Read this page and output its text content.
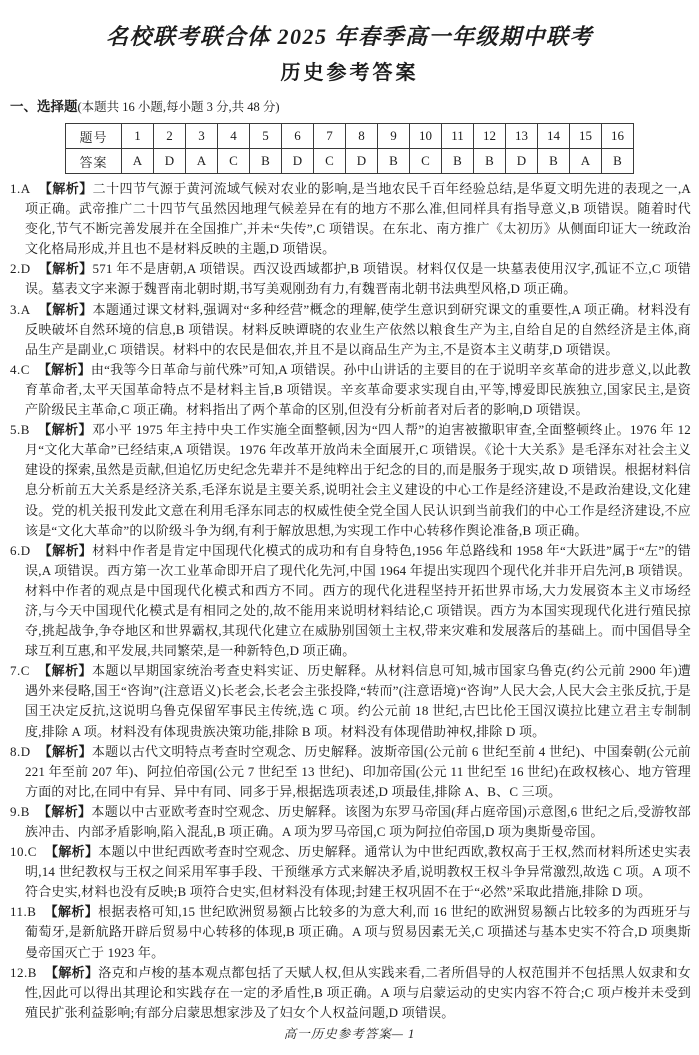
名校联考联合体 2025 年春季高一年级期中联考
历史参考答案
一、选择题(本题共 16 小题,每小题 3 分,共 48 分)
题号	1	2	3	4	5	6	7	8	9	10	11	12	13	14	15	16
答案	A	D	A	C	B	D	C	D	B	C	B	B	D	B	A	B
1.A 【解析】二十四节气源于黄河流域气候对农业的影响,是当地农民千百年经验总结,是华夏文明先进的表现之一,A 项正确。武帝推广二十四节气虽然因地理气候差异在有的地方不那么准,但同样具有指导意义,B 项错误。随着时代变化,节气不断完善发展并在全国推广,并未“失传”,C 项错误。在东北、南方推广《太初历》从侧面印证大一统政治文化格局形成,并且也不是材料反映的主题,D 项错误。
2.D 【解析】571 年不是唐朝,A 项错误。西汉设西域都护,B 项错误。材料仅仅是一块墓表使用汉字,孤证不立,C 项错误。墓表文字来源于魏晋南北朝时期,书写美观刚劲有力,有魏晋南北朝书法典型风格,D 项正确。
3.A 【解析】本题通过课文材料,强调对“多种经营”概念的理解,使学生意识到研究课文的重要性,A 项正确。材料没有反映破坏自然环境的信息,B 项错误。材料反映谭晓的农业生产依然以粮食生产为主,自给自足的自然经济是主体,商品生产是副业,C 项错误。材料中的农民是佃农,并且不是以商品生产为主,不是资本主义萌芽,D 项错误。
4.C 【解析】由“我等今日革命与前代殊”可知,A 项错误。孙中山讲话的主要目的在于说明辛亥革命的进步意义,以此教育革命者,太平天国革命特点不是材料主旨,B 项错误。辛亥革命要求实现自由,平等,博爱即民族独立,国家民主,是资产阶级民主革命,C 项正确。材料指出了两个革命的区别,但没有分析前者对后者的影响,D 项错误。
5.B 【解析】邓小平 1975 年主持中央工作实施全面整顿,因为“四人帮”的迫害被撤职审查,全面整顿终止。1976 年 12 月“文化大革命”已经结束,A 项错误。1976 年改革开放尚未全面展开,C 项错误。《论十大关系》是毛泽东对社会主义建设的探索,虽然是贡献,但追忆历史纪念先辈并不是纯粹出于纪念的目的,而是服务于现实,故 D 项错误。根据材料信息分析前五大关系是经济关系,毛泽东说是主要关系,说明社会主义建设的中心工作是经济建设,不是政治建设,文化建设。党的机关报刊发此文意在利用毛泽东同志的权威性使全党全国人民认识到当前我们的中心工作是经济建设,不应该是“文化大革命”的以阶级斗争为纲,有利于解放思想,为实现工作中心转移作舆论准备,B 项正确。
6.D 【解析】材料中作者是肯定中国现代化模式的成功和有自身特色,1956 年总路线和 1958 年“大跃进”属于“左”的错误,A 项错误。西方第一次工业革命即开启了现代化先河,中国 1964 年提出实现四个现代化并非开启先河,B 项错误。材料中作者的观点是中国现代化模式和西方不同。西方的现代化进程坚持开拓世界市场,大力发展资本主义市场经济,与今天中国现代化模式是有相同之处的,故不能用来说明材料结论,C 项错误。西方为本国实现现代化进行殖民掠夺,挑起战争,争夺地区和世界霸权,其现代化建立在威胁别国领土主权,带来灾难和发展落后的基础上。而中国倡导全球互利互惠,和平发展,共同繁荣,是一种新特色,D 项正确。
7.C 【解析】本题以早期国家统治考查史料实证、历史解释。从材料信息可知,城市国家乌鲁克(约公元前 2900 年)遭遇外来侵略,国王“咨询”(注意语义)长老会,长老会主张投降,“转而”(注意语境)“咨询”人民大会,人民大会主张反抗,于是国王决定反抗,这说明乌鲁克保留军事民主传统,选 C 项。约公元前 18 世纪,古巴比伦王国汉谟拉比建立君主专制制度,排除 A 项。材料没有体现贵族决策功能,排除 B 项。材料没有体现借助神权,排除 D 项。
8.D 【解析】本题以古代文明特点考查时空观念、历史解释。波斯帝国(公元前 6 世纪至前 4 世纪)、中国秦朝(公元前 221 年至前 207 年)、阿拉伯帝国(公元 7 世纪至 13 世纪)、印加帝国(公元 11 世纪至 16 世纪)在政权核心、地方管理方面的对比,在同中有异、异中有同、同多于异,根据选项表述,D 项最佳,排除 A、B、C 三项。
9.B 【解析】本题以中古亚欧考查时空观念、历史解释。该图为东罗马帝国(拜占庭帝国)示意图,6 世纪之后,受游牧部族冲击、内部矛盾影响,陷入混乱,B 项正确。A 项为罗马帝国,C 项为阿拉伯帝国,D 项为奥斯曼帝国。
10.C 【解析】本题以中世纪西欧考查时空观念、历史解释。通常认为中世纪西欧,教权高于王权,然而材料所述史实表明,14 世纪教权与王权之间采用军事手段、干预继承方式来解决矛盾,说明教权王权斗争异常激烈,故选 C 项。A 项不符合史实,材料也没有反映;B 项符合史实,但材料没有体现;封建王权巩固不在于“必然”采取此措施,排除 D 项。
11.B 【解析】根据表格可知,15 世纪欧洲贸易额占比较多的为意大利,而 16 世纪的欧洲贸易额占比较多的为西班牙与葡萄牙,是新航路开辟后贸易中心转移的体现,B 项正确。A 项与贸易因素无关,C 项描述与基本史实不符合,D 项奥斯曼帝国灭亡于 1923 年。
12.B 【解析】洛克和卢梭的基本观点都包括了天赋人权,但从实践来看,二者所倡导的人权范围并不包括黑人奴隶和女性,因此可以得出其理论和实践存在一定的矛盾性,B 项正确。A 项与启蒙运动的史实内容不符合;C 项卢梭并未受到殖民扩张利益影响;有部分启蒙思想家涉及了妇女个人权益问题,D 项错误。
高一历史参考答案— 1
